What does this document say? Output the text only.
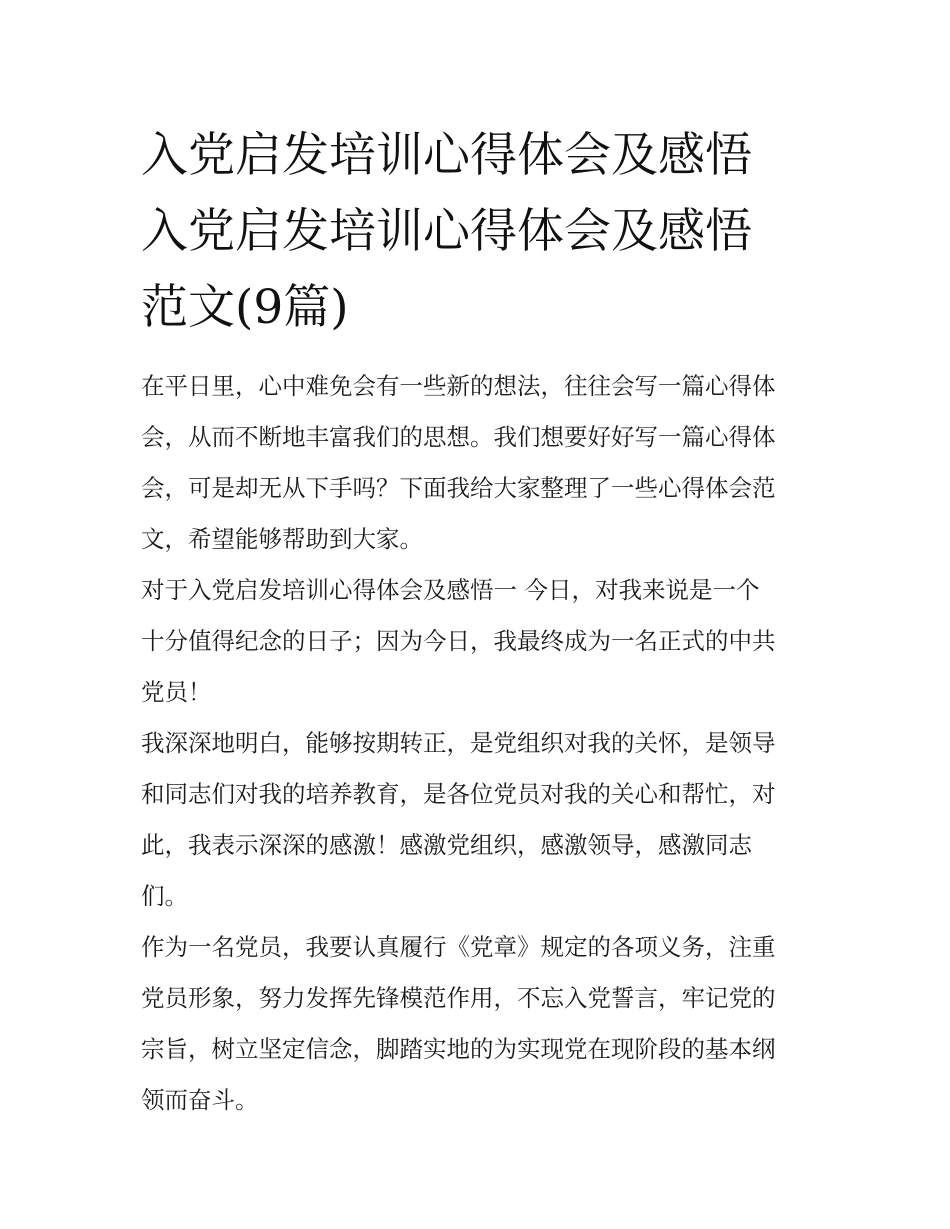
入党启发培训心得体会及感悟
入党启发培训心得体会及感悟
范文(9篇)

在平日里，心中难免会有一些新的想法，往往会写一篇心得体
会，从而不断地丰富我们的思想。我们想要好好写一篇心得体
会，可是却无从下手吗？下面我给大家整理了一些心得体会范
文，希望能够帮助到大家。

对于入党启发培训心得体会及感悟一 今日，对我来说是一个
十分值得纪念的日子；因为今日，我最终成为一名正式的中共
党员！

我深深地明白，能够按期转正，是党组织对我的关怀，是领导
和同志们对我的培养教育，是各位党员对我的关心和帮忙，对
此，我表示深深的感激！感激党组织，感激领导，感激同志
们。

作为一名党员，我要认真履行《党章》规定的各项义务，注重
党员形象，努力发挥先锋模范作用，不忘入党誓言，牢记党的
宗旨，树立坚定信念，脚踏实地的为实现党在现阶段的基本纲
领而奋斗。
